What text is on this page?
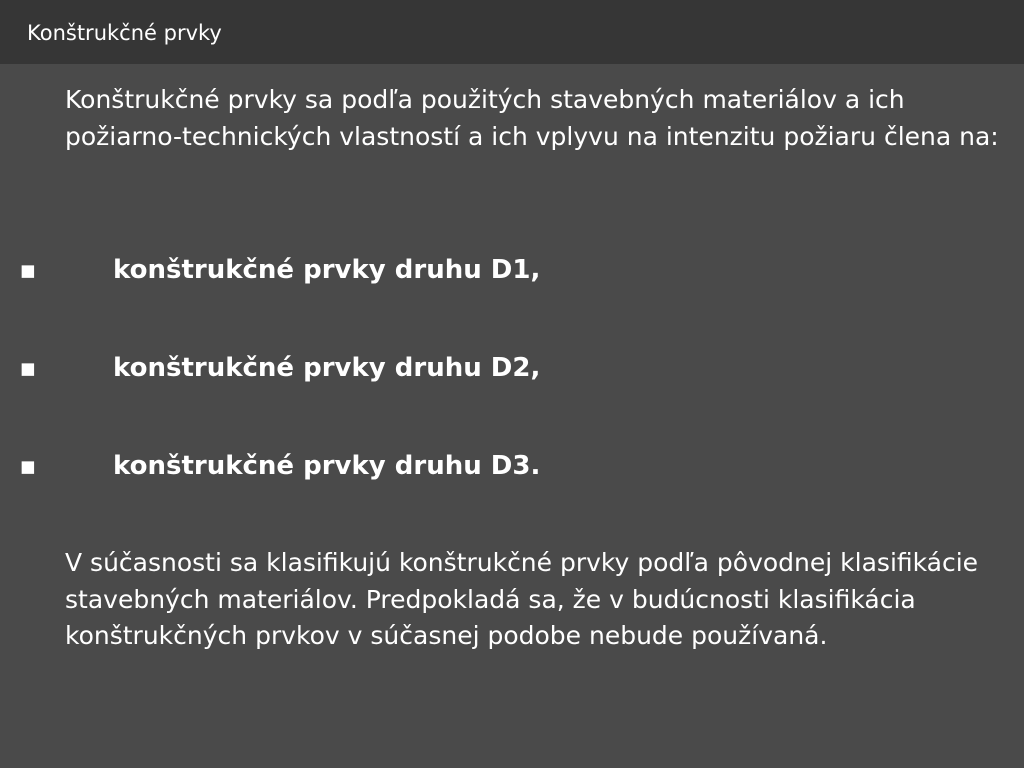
Konštrukčné prvky
Konštrukčné prvky sa podľa použitých stavebných materiálov a ich požiarno-technických vlastností a ich vplyvu na intenzitu požiaru člena na:
▪	konštrukčné prvky druhu D1,
▪	konštrukčné prvky druhu D2,
▪	konštrukčné prvky druhu D3.
V súčasnosti sa klasifikujú konštrukčné prvky podľa pôvodnej klasifikácie stavebných materiálov. Predpokladá sa, že v budúcnosti klasifikácia konštrukčných prvkov v súčasnej podobe nebude používaná.
